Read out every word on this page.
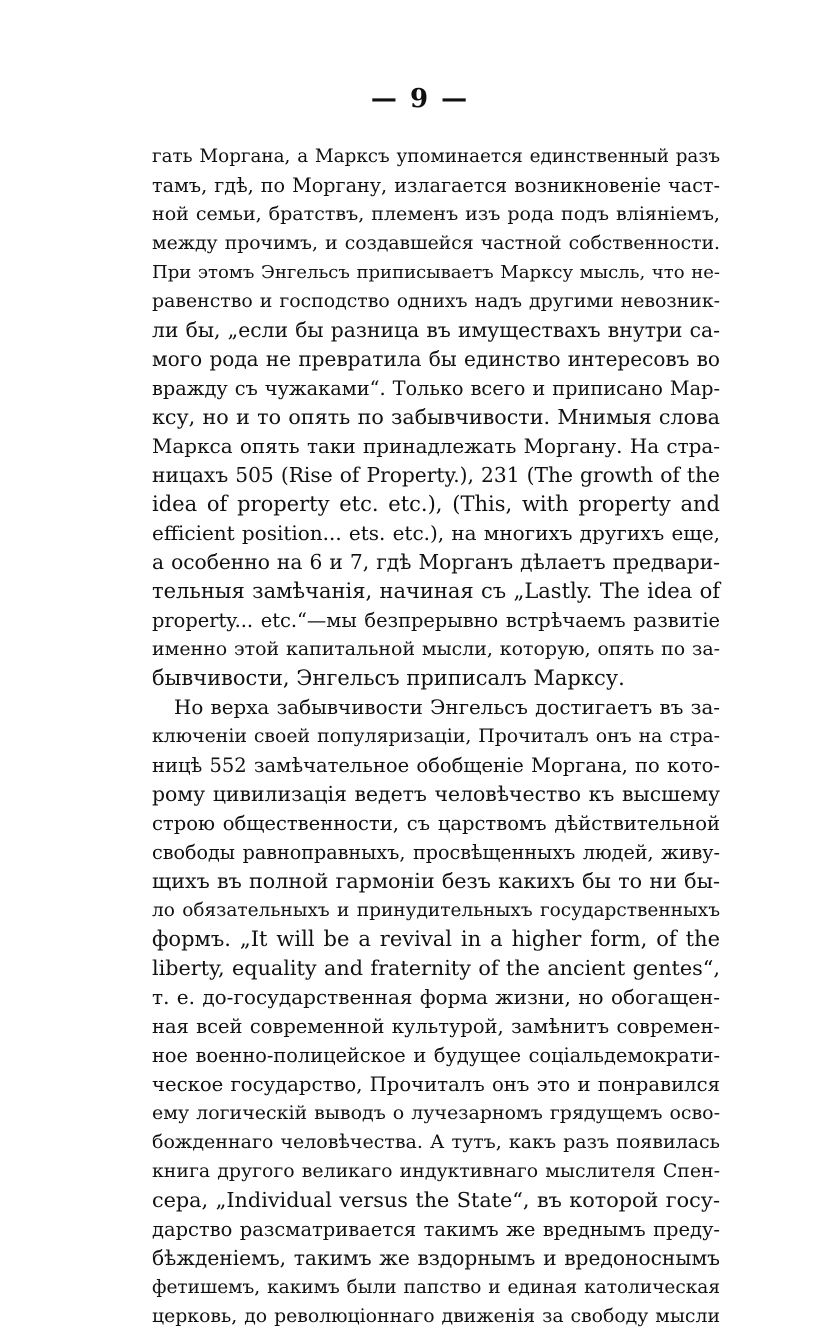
— 9 —
гать Моргана, а Марксъ упоминается единственный разъ
тамъ, гдѣ, по Моргану, излагается возникновеніе част-
ной семьи, братствъ, племенъ изъ рода подъ вліяніемъ,
между прочимъ, и создавшейся частной собственности.
При этомъ Энгельсъ приписываетъ Марксу мысль, что не-
равенство и господство однихъ надъ другими невозник-
ли бы, „если бы разница въ имуществахъ внутри са-
мого рода не превратила бы единство интересовъ во
вражду съ чужаками“. Только всего и приписано Мар-
ксу, но и то опять по забывчивости. Мнимыя слова
Маркса опять таки принадлежать Моргану. На стра-
ницахъ 505 (Rise of Property.), 231 (The growth of the
idea of property etc. etc.), (This, with property and
efficient position... ets. etc.), на многихъ другихъ еще,
а особенно на 6 и 7, гдѣ Морганъ дѣлаетъ предвари-
тельныя замѣчанія, начиная съ „Lastly. The idea of
property... etc.“—мы безпрерывно встрѣчаемъ развитіе
именно этой капитальной мысли, которую, опять по за-
бывчивости, Энгельсъ приписалъ Марксу.
Но верха забывчивости Энгельсъ достигаетъ въ за-
ключеніи своей популяризаціи, Прочиталъ онъ на стра-
ницѣ 552 замѣчательное обобщеніе Моргана, по кото-
рому цивилизація ведетъ человѣчество къ высшему
строю общественности, съ царствомъ дѣйствительной
свободы равноправныхъ, просвѣщенныхъ людей, живу-
щихъ въ полной гармоніи безъ какихъ бы то ни бы-
ло обязательныхъ и принудительныхъ государственныхъ
формъ. „It will be a revival in a higher form, of the
liberty, equality and fraternity of the ancient gentes“,
т. е. до-государственная форма жизни, но обогащен-
ная всей современной культурой, замѣнитъ современ-
ное военно-полицейское и будущее соціальдемократи-
ческое государство, Прочиталъ онъ это и понравился
ему логическій выводъ о лучезарномъ грядущемъ осво-
божденнаго человѣчества. А тутъ, какъ разъ появилась
книга другого великаго индуктивнаго мыслителя Спен-
сера, „Individual versus the State“, въ которой госу-
дарство разсматривается такимъ же вреднымъ преду-
бѣжденіемъ, такимъ же вздорнымъ и вредоноснымъ
фетишемъ, какимъ были папство и единая католическая
церковь, до революціоннаго движенія за свободу мысли
